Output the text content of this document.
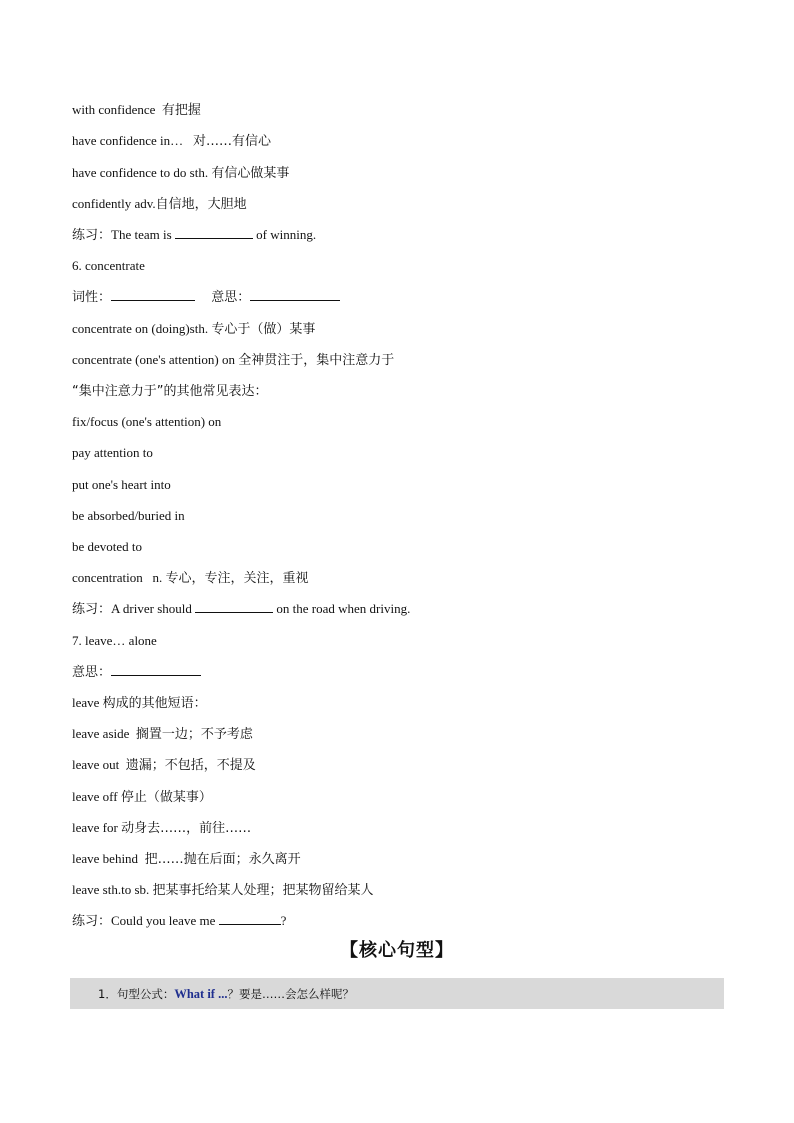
with confidence 有把握
have confidence in… 对……有信心
have confidence to do sth. 有信心做某事
confidently adv.自信地，大胆地
练习：The team is	of winning.
6. concentrate
词性：	意思：
concentrate on (doing)sth. 专心于（做）某事
concentrate (one's attention) on 全神贯注于，集中注意力于
“集中注意力于”的其他常见表达：
fix/focus (one's attention) on
pay attention to
put one's heart into
be absorbed/buried in
be devoted to
concentration   n. 专心，专注，关注，重视
练习：A driver should	on the road when driving.
7. leave… alone
意思：
leave 构成的其他短语：
leave aside 搁置一边；不予考虑
leave out 遗漏；不包括，不提及
leave off 停止（做某事）
leave for 动身去……，前往……
leave behind 把……抛在后面；永久离开
leave sth.to sb. 把某事托给某人处理；把某物留给某人
练习：Could you leave me	?
【核心句型】
1．句型公式：What if ...？要是……会怎么样呢？
